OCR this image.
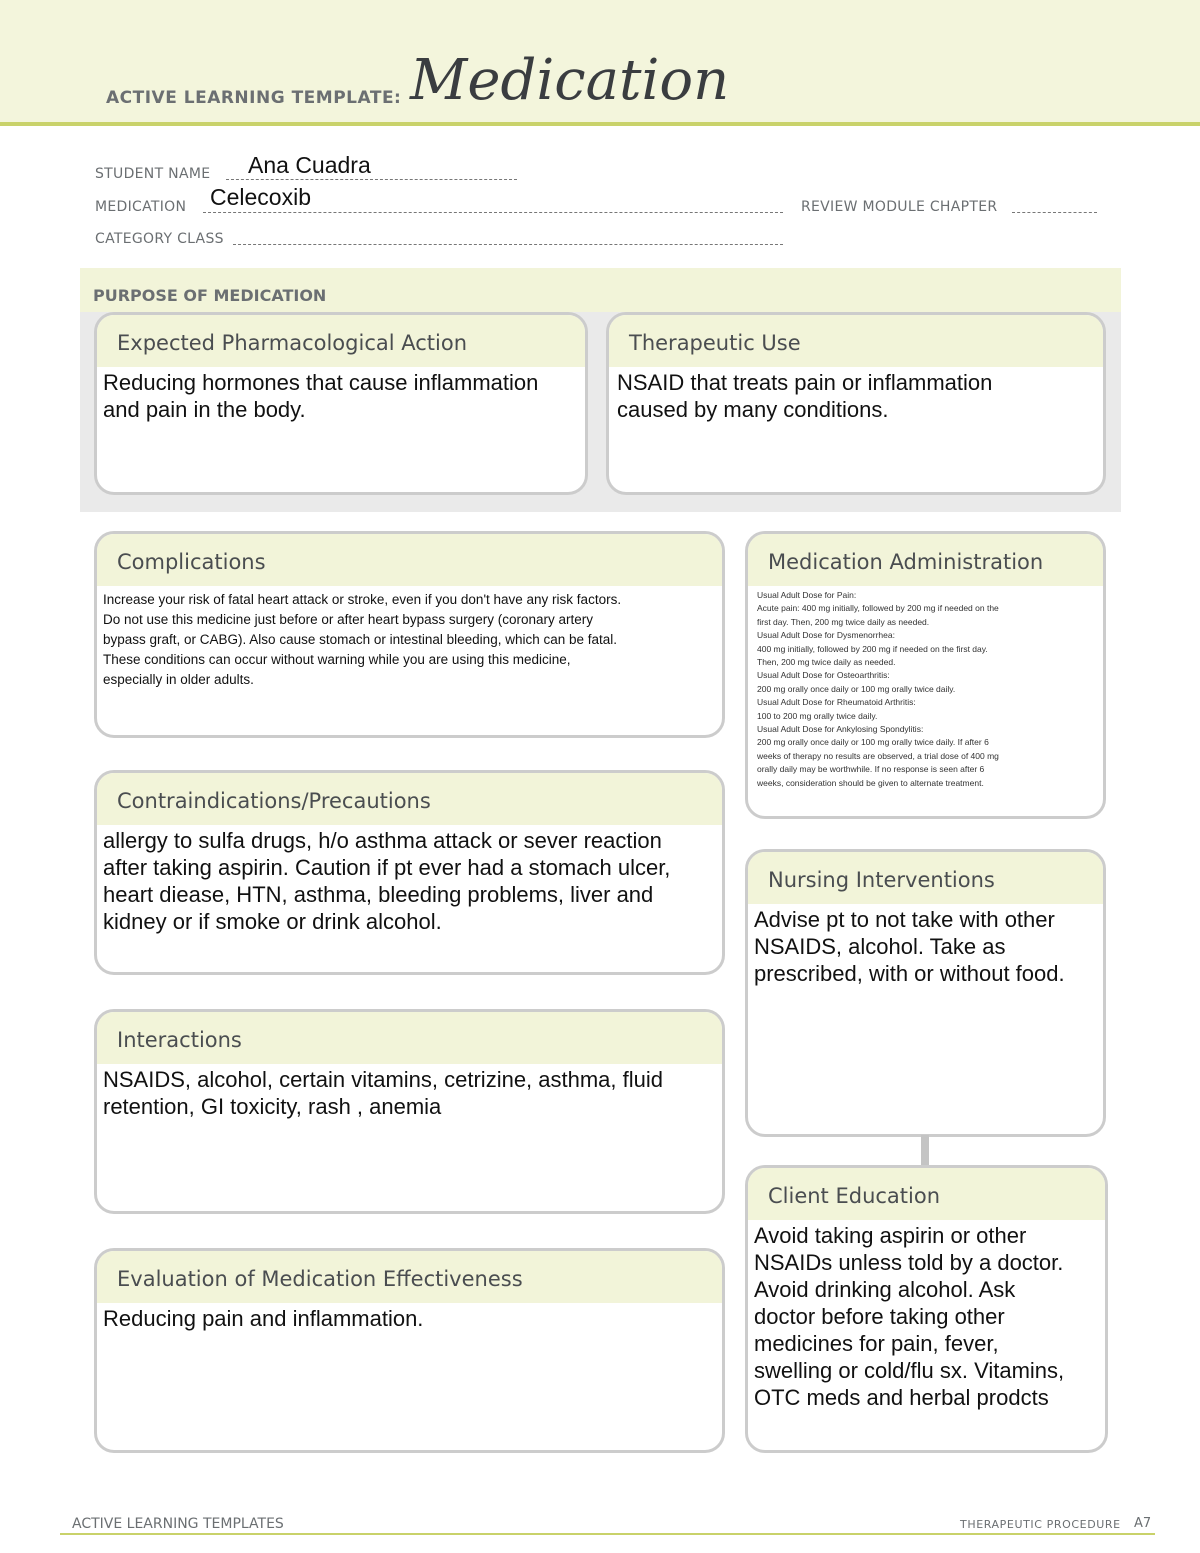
ACTIVE LEARNING TEMPLATE: Medication
STUDENT NAME Ana Cuadra
MEDICATION Celecoxib	REVIEW MODULE CHAPTER
CATEGORY CLASS
PURPOSE OF MEDICATION
Expected Pharmacological Action
Reducing hormones that cause inflammation
and pain in the body.
Therapeutic Use
NSAID that treats pain or inflammation
caused by many conditions.
Complications
Increase your risk of fatal heart attack or stroke, even if you don't have any risk factors.
Do not use this medicine just before or after heart bypass surgery (coronary artery
bypass graft, or CABG). Also cause stomach or intestinal bleeding, which can be fatal.
These conditions can occur without warning while you are using this medicine,
especially in older adults.
Medication Administration
Usual Adult Dose for Pain:
Acute pain: 400 mg initially, followed by 200 mg if needed on the
first day. Then, 200 mg twice daily as needed.
Usual Adult Dose for Dysmenorrhea:
400 mg initially, followed by 200 mg if needed on the first day.
Then, 200 mg twice daily as needed.
Usual Adult Dose for Osteoarthritis:
200 mg orally once daily or 100 mg orally twice daily.
Usual Adult Dose for Rheumatoid Arthritis:
100 to 200 mg orally twice daily.
Usual Adult Dose for Ankylosing Spondylitis:
200 mg orally once daily or 100 mg orally twice daily. If after 6
weeks of therapy no results are observed, a trial dose of 400 mg
orally daily may be worthwhile. If no response is seen after 6
weeks, consideration should be given to alternate treatment.
Contraindications/Precautions
allergy to sulfa drugs, h/o asthma attack or sever reaction
after taking aspirin. Caution if pt ever had a stomach ulcer,
heart diease, HTN, asthma, bleeding problems, liver and
kidney or if smoke or drink alcohol.
Nursing Interventions
Advise pt to not take with other
NSAIDS, alcohol. Take as
prescribed, with or without food.
Interactions
NSAIDS, alcohol, certain vitamins, cetrizine, asthma, fluid
retention, GI toxicity, rash , anemia
Client Education
Avoid taking aspirin or other
NSAIDs unless told by a doctor.
Avoid drinking alcohol. Ask
doctor before taking other
medicines for pain, fever,
swelling or cold/flu sx. Vitamins,
OTC meds and herbal prodcts
Evaluation of Medication Effectiveness
Reducing pain and inflammation.
ACTIVE LEARNING TEMPLATES	THERAPEUTIC PROCEDURE A7
